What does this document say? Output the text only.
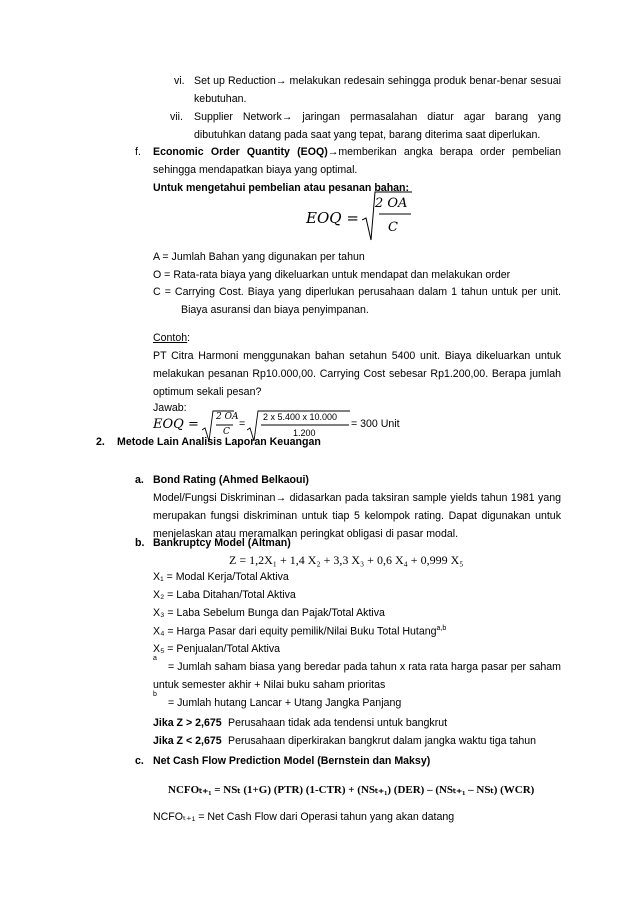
vi. Set up Reduction→ melakukan redesain sehingga produk benar-benar sesuai
kebutuhan.
vii. Supplier Network→ jaringan permasalahan diatur agar barang yang
dibutuhkan datang pada saat yang tepat, barang diterima saat diperlukan.
f. Economic Order Quantity (EOQ)→memberikan angka berapa order pembelian
sehingga mendapatkan biaya yang optimal.
Untuk mengetahui pembelian atau pesanan bahan:
EOQ =
2 OA
C
A = Jumlah Bahan yang digunakan per tahun
O = Rata-rata biaya yang dikeluarkan untuk mendapat dan melakukan order
C = Carrying Cost. Biaya yang diperlukan perusahaan dalam 1 tahun untuk per unit.
Biaya asuransi dan biaya penyimpanan.
Contoh:
PT Citra Harmoni menggunakan bahan setahun 5400 unit. Biaya dikeluarkan untuk
melakukan pesanan Rp10.000,00. Carrying Cost sebesar Rp1.200,00. Berapa jumlah
optimum sekali pesan?
Jawab:
EOQ = 2 OA
C
=
2 x 5.400 x 10.000
1.200
= 300 Unit
2. Metode Lain Analisis Laporan Keuangan
a. Bond Rating (Ahmed Belkaoui)
Model/Fungsi Diskriminan→ didasarkan pada taksiran sample yields tahun 1981 yang
merupakan fungsi diskriminan untuk tiap 5 kelompok rating. Dapat digunakan untuk
menjelaskan atau meramalkan peringkat obligasi di pasar modal.
b. Bankruptcy Model (Altman)
Z = 1,2X₁ + 1,4 X₂ + 3,3 X₃ + 0,6 X₄ + 0,999 X₅
X₁ = Modal Kerja/Total Aktiva
X₂ = Laba Ditahan/Total Aktiva
X₃ = Laba Sebelum Bunga dan Pajak/Total Aktiva
X₄ = Harga Pasar dari equity pemilik/Nilai Buku Total Hutang$^{a,b}$
X₅ = Penjualan/Total Aktiva
a
= Jumlah saham biasa yang beredar pada tahun x rata rata harga pasar per saham
untuk semester akhir + Nilai buku saham prioritas
b
= Jumlah hutang Lancar + Utang Jangka Panjang
Jika Z > 2,675 Perusahaan tidak ada tendensi untuk bangkrut
Jika Z < 2,675 Perusahaan diperkirakan bangkrut dalam jangka waktu tiga tahun
c. Net Cash Flow Prediction Model (Bernstein dan Maksy)
NCFOₜ₊₁ = NSₜ (1+G) (PTR) (1-CTR) + (NSₜ₊₁) (DER) – (NSₜ₊₁ – NSₜ) (WCR)
NCFOₜ₊₁ = Net Cash Flow dari Operasi tahun yang akan datang
